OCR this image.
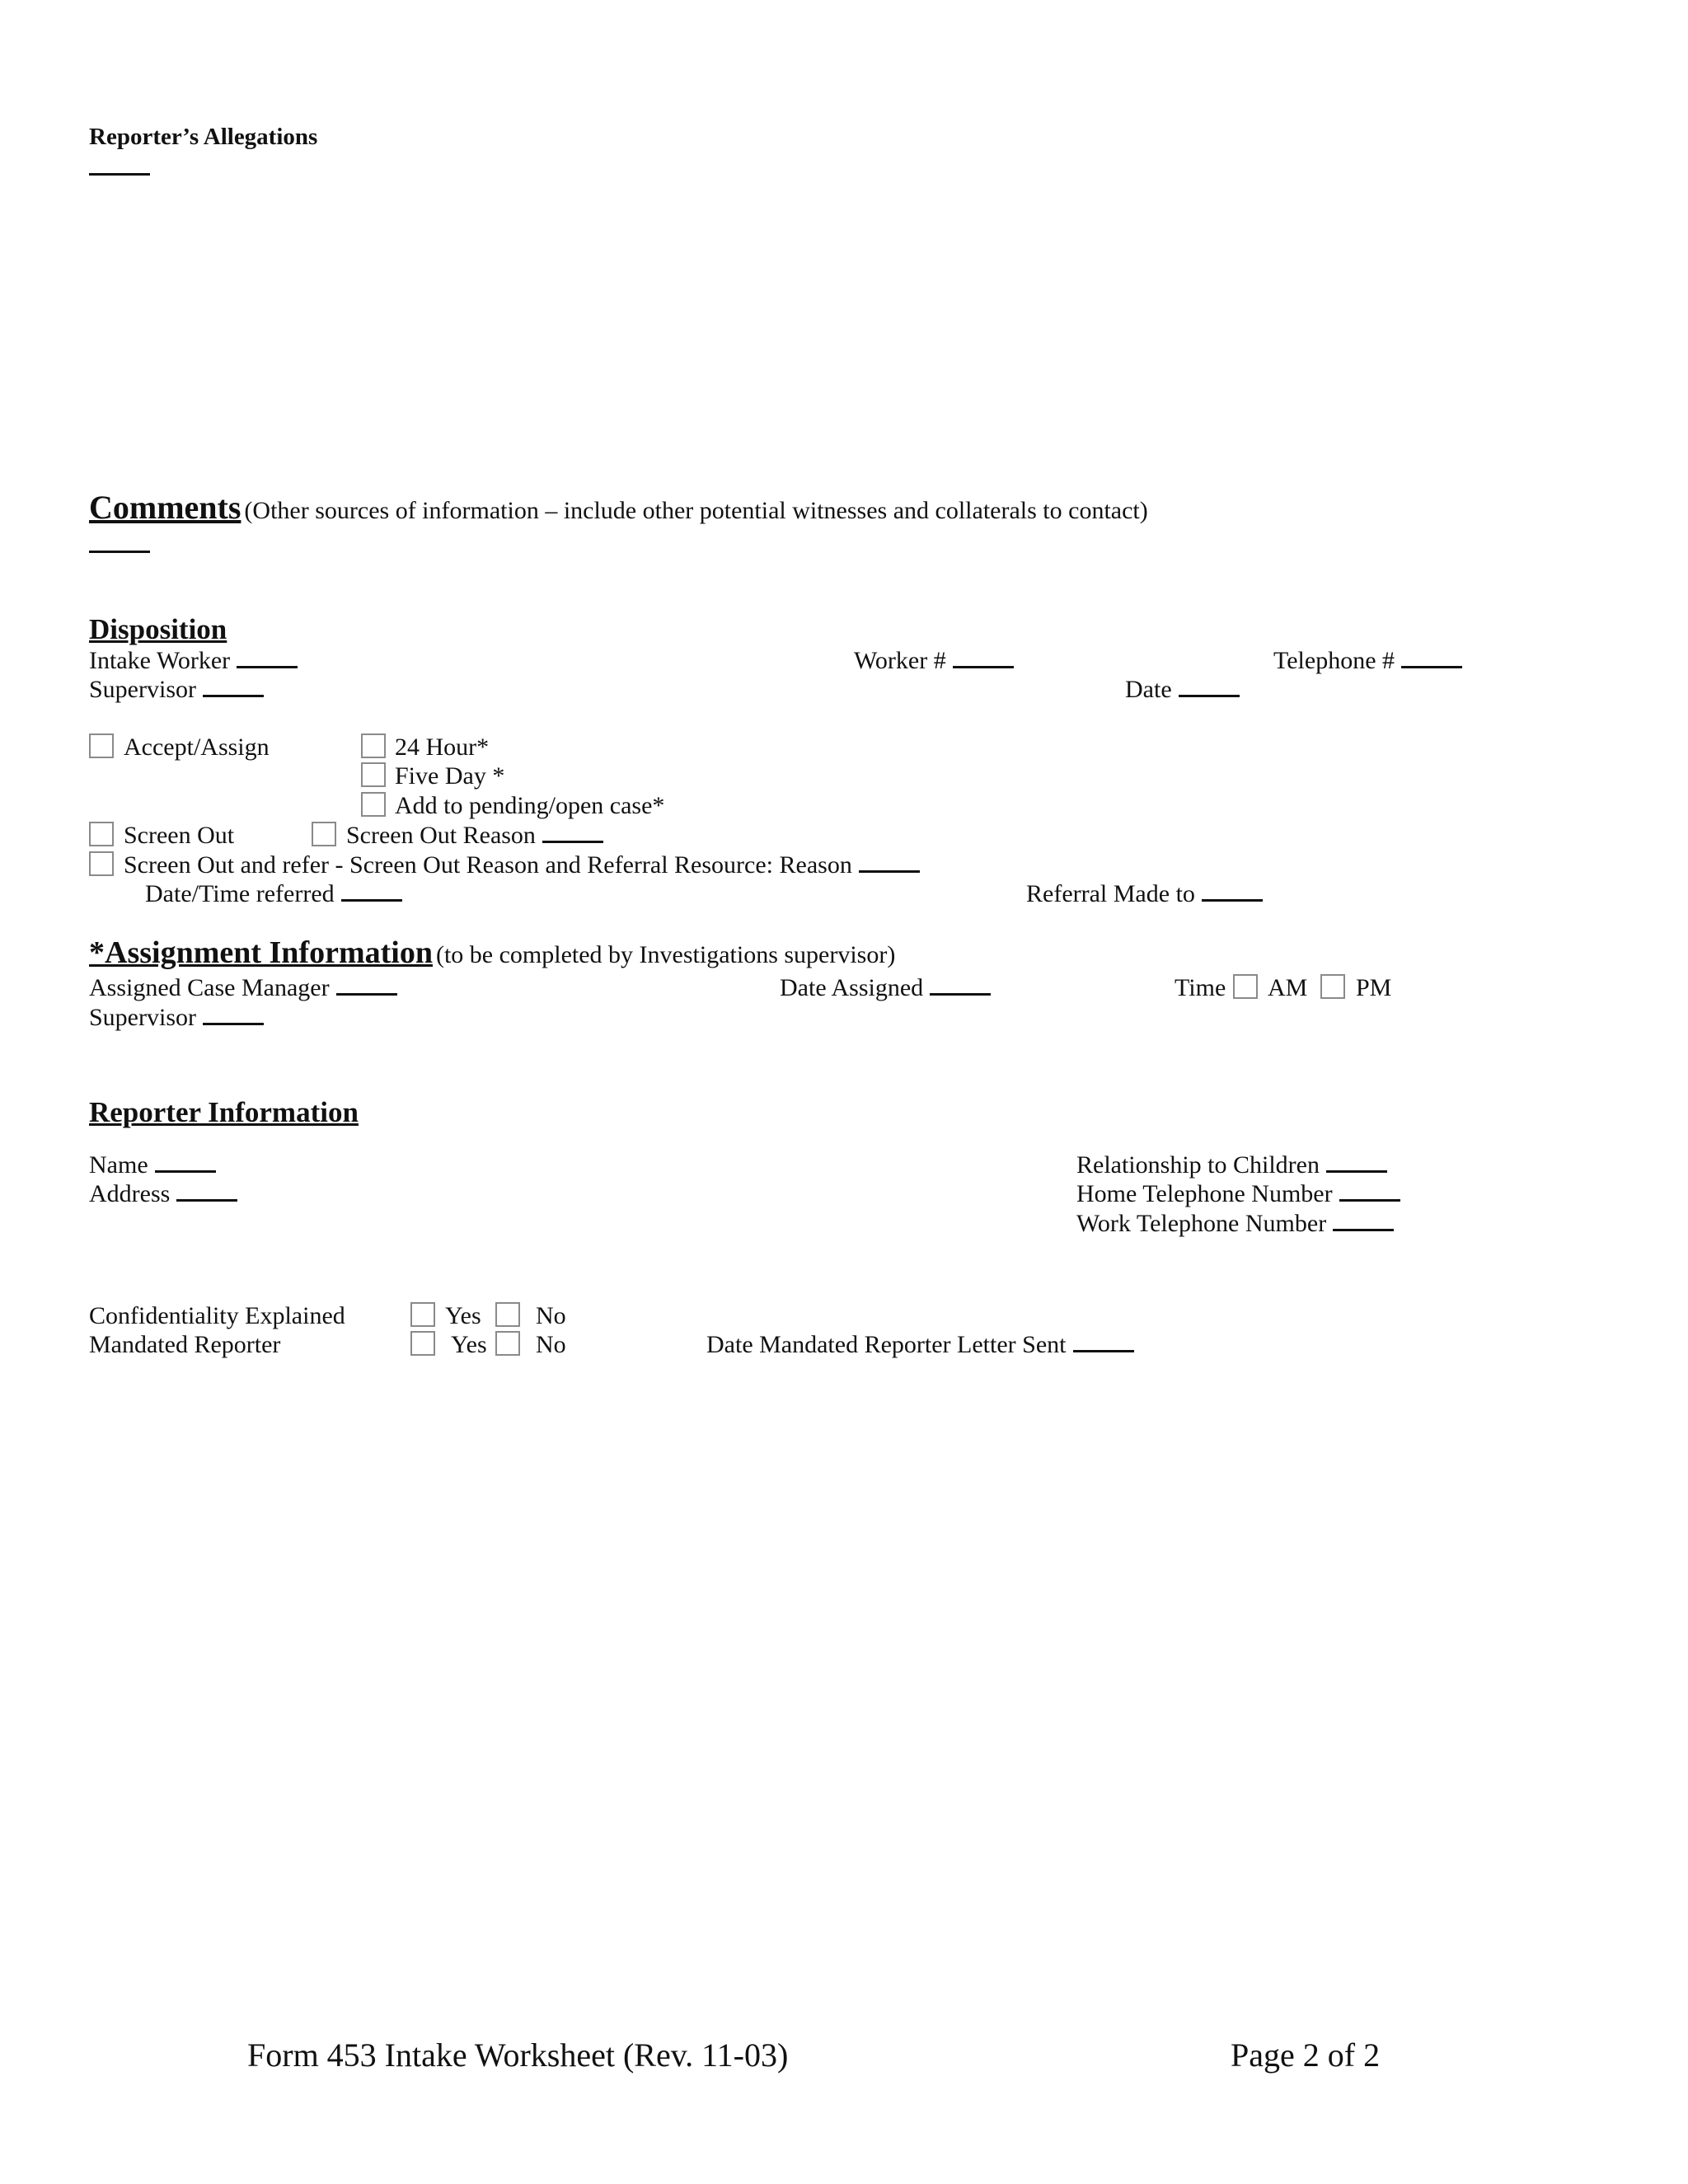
Reporter’s Allegations
Comments (Other sources of information – include other potential witnesses and collaterals to contact)
Disposition
Intake Worker	Worker #	Telephone #
Supervisor	Date
Accept/Assign	24 Hour*
Five Day *
Add to pending/open case*
Screen Out	Screen Out Reason
Screen Out and refer - Screen Out Reason and Referral Resource: Reason
Date/Time referred	Referral Made to
*Assignment Information (to be completed by Investigations supervisor)
Assigned Case Manager	Date Assigned	Time AM PM
Supervisor
Reporter Information
Name
Address
Relationship to Children
Home Telephone Number
Work Telephone Number
Confidentiality Explained	Yes No
Mandated Reporter	Yes No	Date Mandated Reporter Letter Sent
Form 453 Intake Worksheet (Rev. 11-03)	Page 2 of 2
